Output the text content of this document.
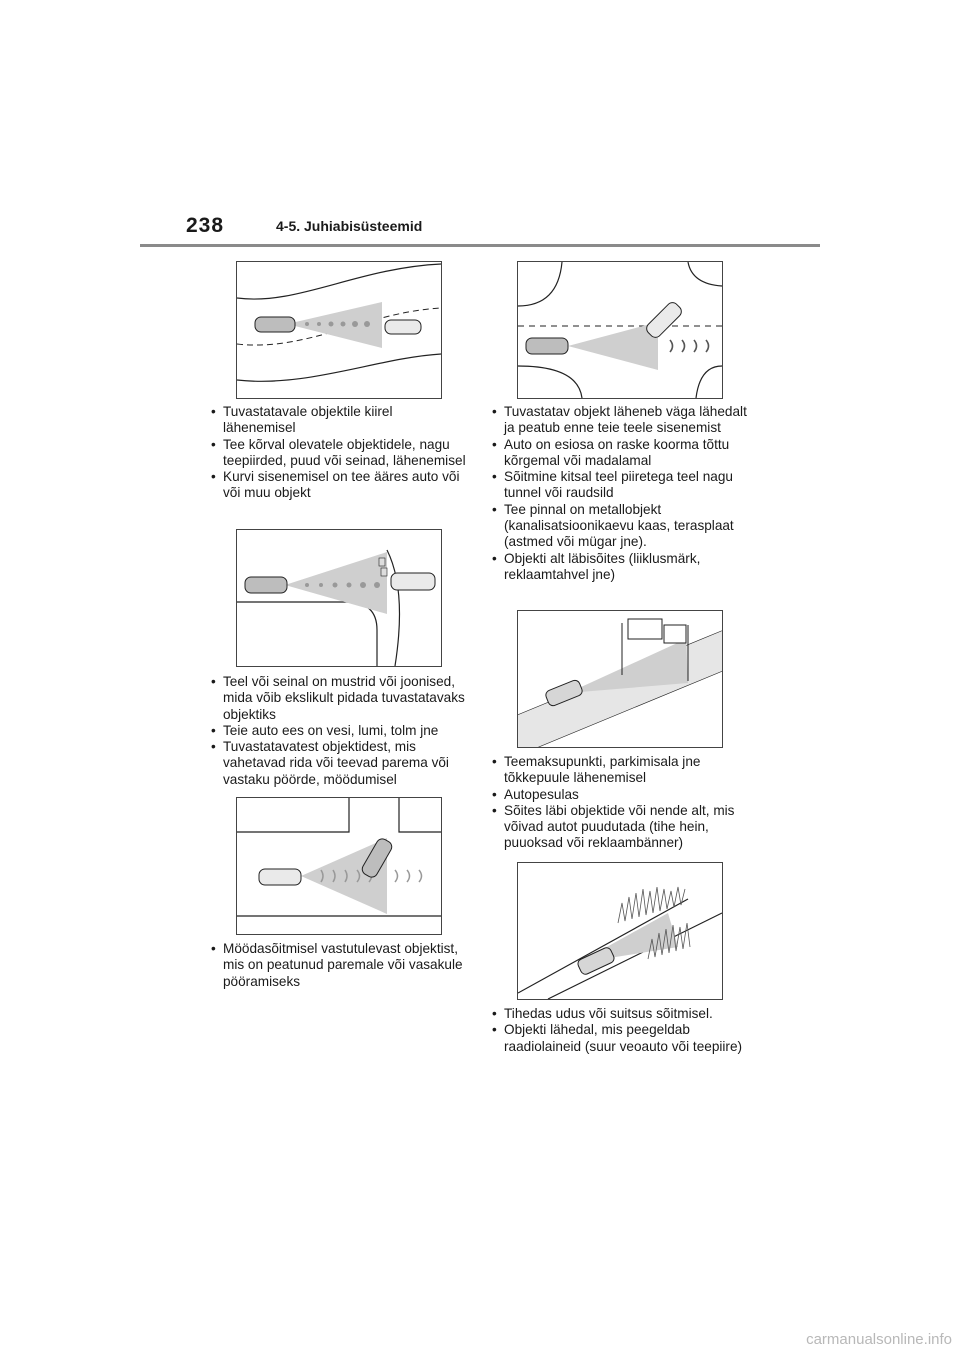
238	4-5. Juhiabisüsteemid
• Tuvastatavale objektile kiirel lähenemisel
• Tee kõrval olevatele objektidele, nagu teepiirded, puud või seinad, lähenemisel
• Kurvi sisenemisel on tee ääres auto või või muu objekt
• Teel või seinal on mustrid või joonised, mida võib ekslikult pidada tuvastatavaks objektiks
• Teie auto ees on vesi, lumi, tolm jne
• Tuvastatavatest objektidest, mis vahetavad rida või teevad parema või vastaku pöörde, möödumisel
• Möödasõitmisel vastutulevast objektist, mis on peatunud paremale või vasakule pööramiseks
• Tuvastatav objekt läheneb väga lähedalt ja peatub enne teie teele sisenemist
• Auto on esiosa on raske koorma tõttu kõrgemal või madalamal
• Sõitmine kitsal teel piiretega teel nagu tunnel või raudsild
• Tee pinnal on metallobjekt (kanalisatsioonikaevu kaas, terasplaat (astmed või mügar jne).
• Objekti alt läbisõites (liiklusmärk, reklaamtahvel jne)
• Teemaksupunkti, parkimisala jne tõkkepuule lähenemisel
• Autopesulas
• Sõites läbi objektide või nende alt, mis võivad autot puudutada (tihe hein, puuoksad või reklaambänner)
• Tihedas udus või suitsus sõitmisel.
• Objekti lähedal, mis peegeldab raadiolaineid (suur veoauto või teepiire)
carmanualsonline.info
